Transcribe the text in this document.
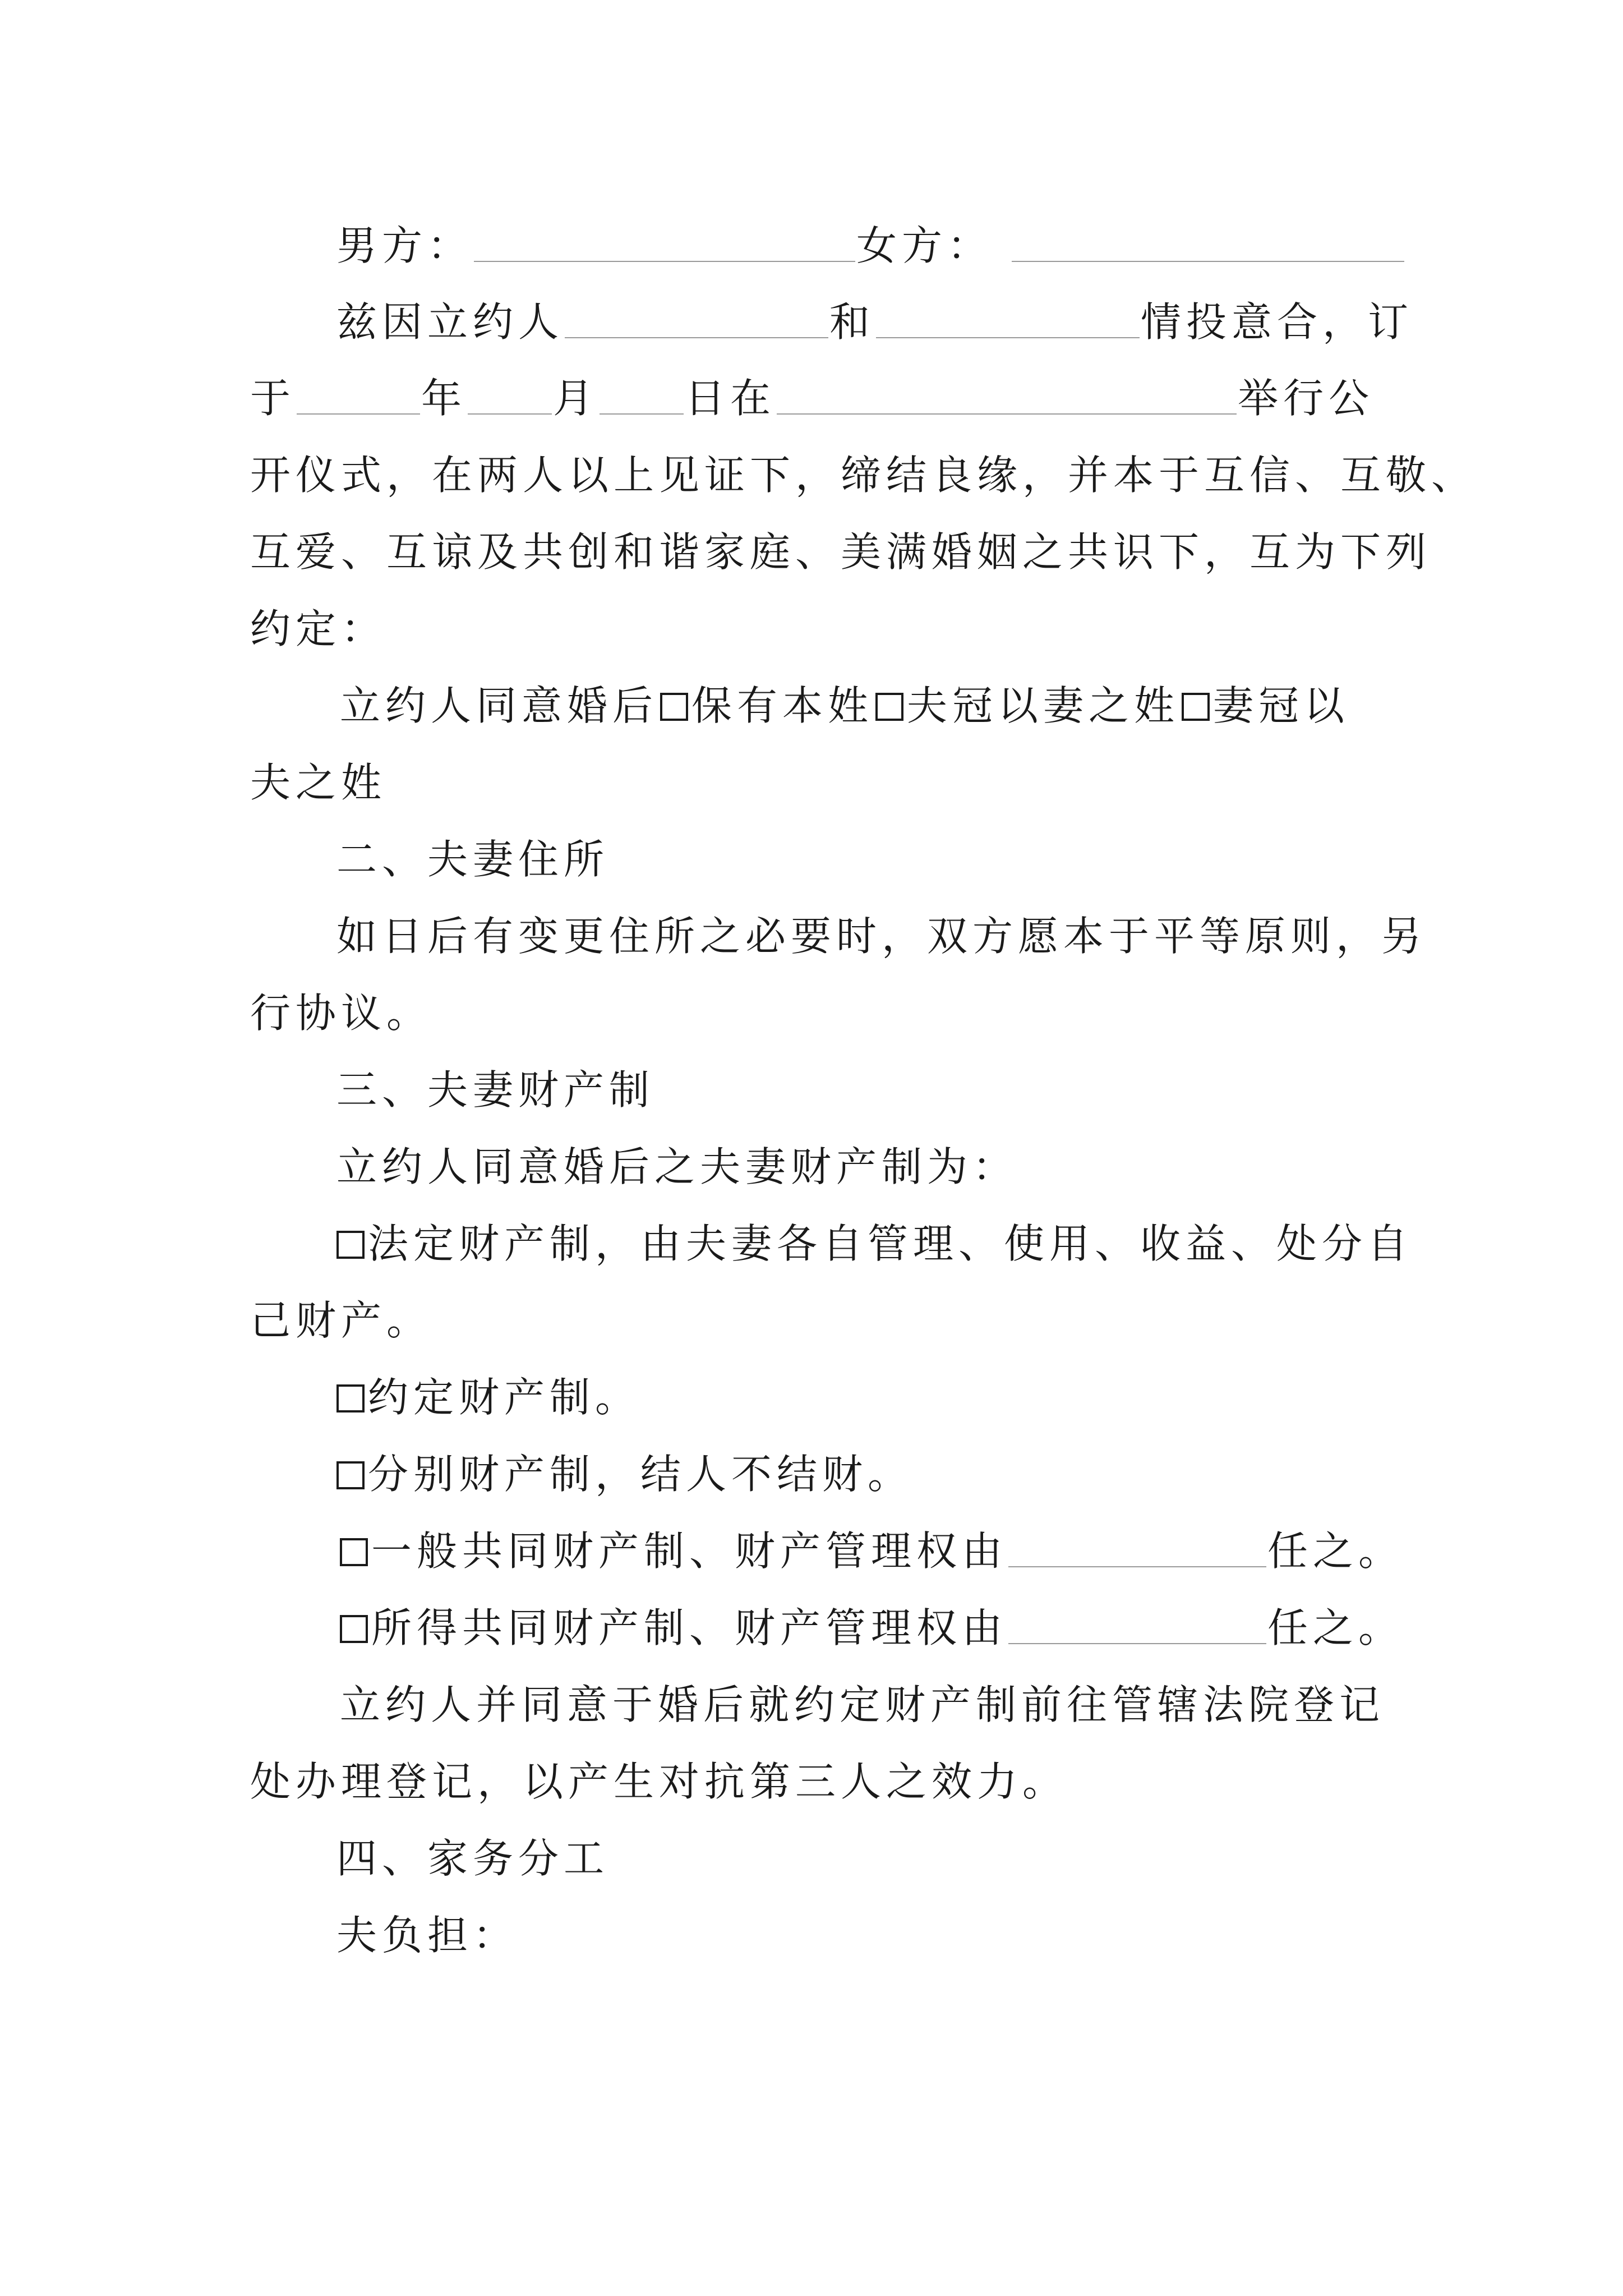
男方：	女方：
兹因立约人	和	情投意合，订
于	年 月 日在	举行公
开仪式，在两人以上见证下，缔结良缘，并本于互信、互敬、
互爱、互谅及共创和谐家庭、美满婚姻之共识下，互为下列
约定：
立约人同意婚后 保有本姓 夫冠以妻之姓 妻冠以
夫之姓
二、夫妻住所
如日后有变更住所之必要时，双方愿本于平等原则，另
行协议。
三、夫妻财产制
立约人同意婚后之夫妻财产制为：
法定财产制，由夫妻各自管理、使用、收益、处分自
己财产。
约定财产制。
分别财产制，结人不结财。
一般共同财产制、财产管理权由	任之。
所得共同财产制、财产管理权由	任之。
立约人并同意于婚后就约定财产制前往管辖法院登记
处办理登记，以产生对抗第三人之效力。
四、家务分工
夫负担：
